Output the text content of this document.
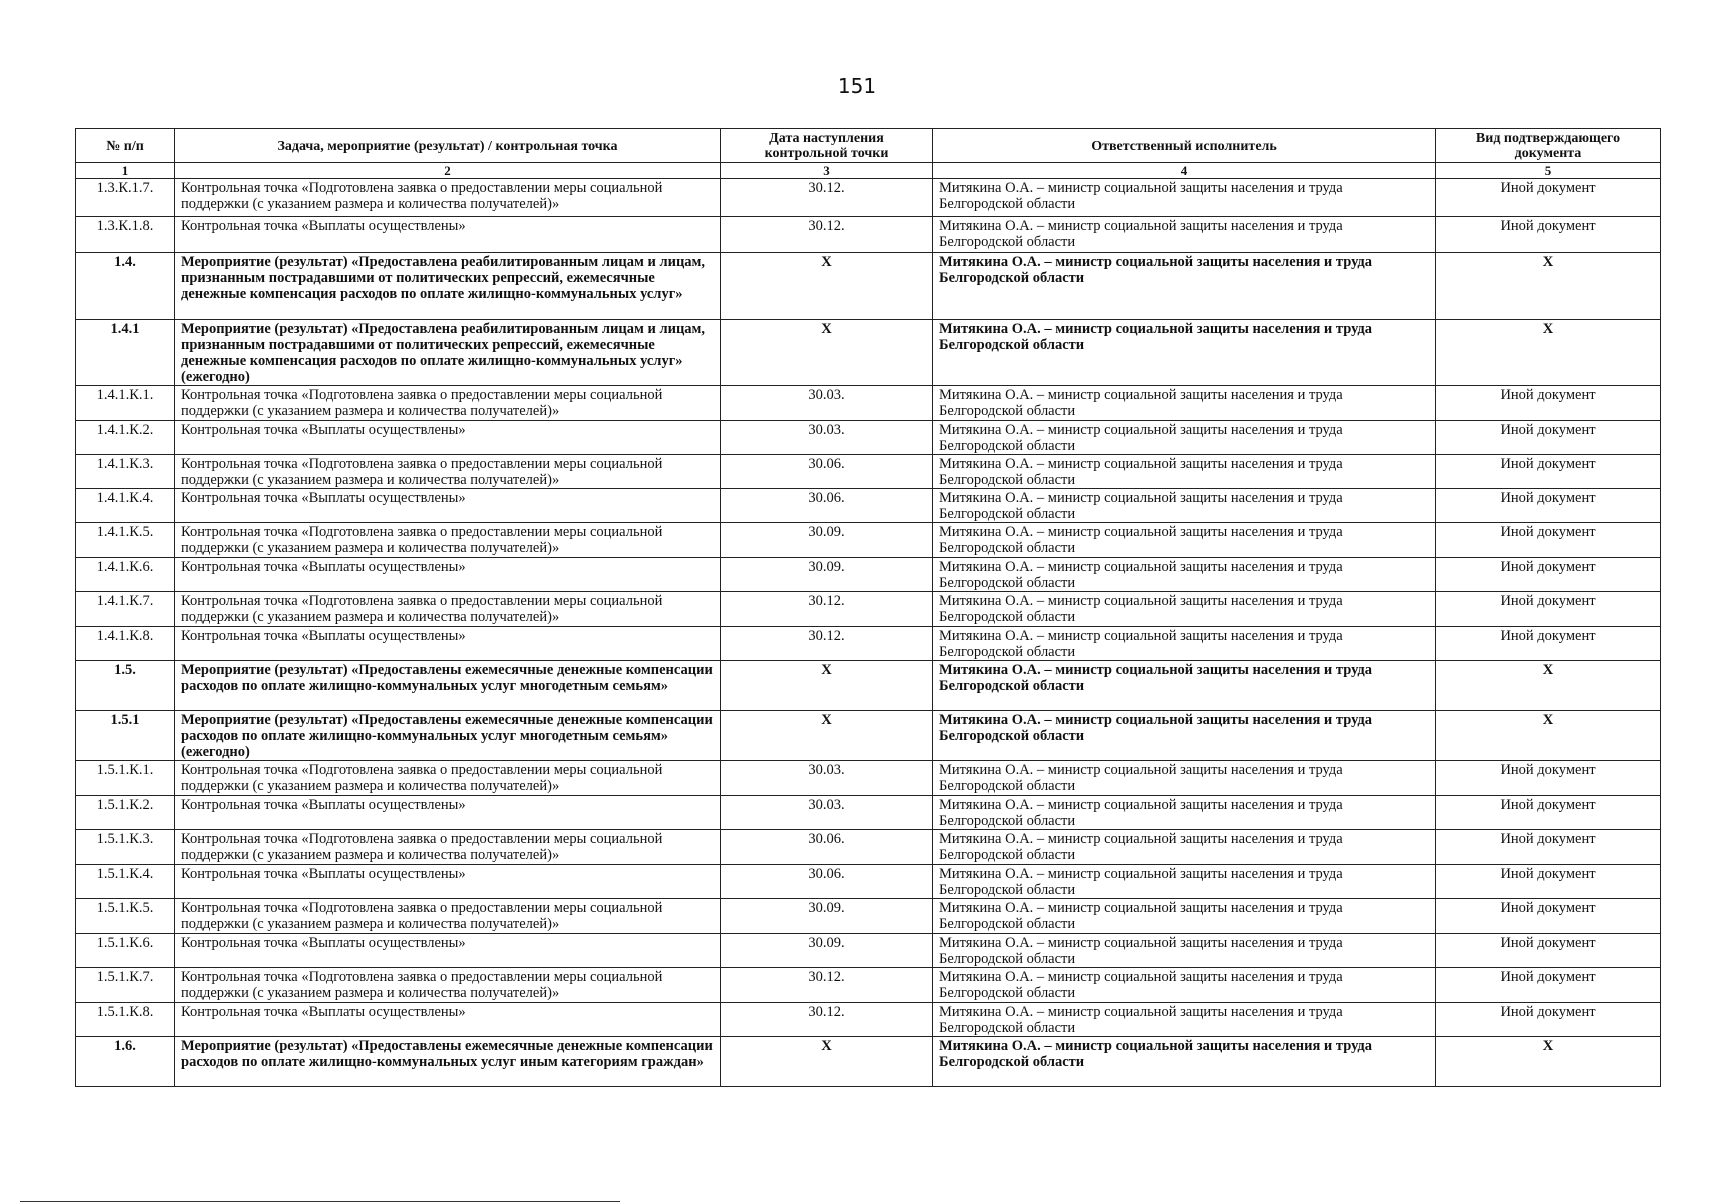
151
№ п/п	Задача, мероприятие (результат) / контрольная точка	Дата наступления контрольной точки	Ответственный исполнитель	Вид подтверждающего документа
1	2	3	4	5
1.3.К.1.7.	Контрольная точка «Подготовлена заявка о предоставлении меры социальной поддержки (с указанием размера и количества получателей)»	30.12.	Митякина О.А. – министр социальной защиты населения и труда Белгородской области	Иной документ
1.3.К.1.8.	Контрольная точка «Выплаты осуществлены»	30.12.	Митякина О.А. – министр социальной защиты населения и труда Белгородской области	Иной документ
1.4.	Мероприятие (результат) «Предоставлена реабилитированным лицам и лицам, признанным пострадавшими от политических репрессий, ежемесячные денежные компенсация расходов по оплате жилищно-коммунальных услуг»	Х	Митякина О.А. – министр социальной защиты населения и труда Белгородской области	Х
1.4.1	Мероприятие (результат) «Предоставлена реабилитированным лицам и лицам, признанным пострадавшими от политических репрессий, ежемесячные денежные компенсация расходов по оплате жилищно-коммунальных услуг» (ежегодно)	Х	Митякина О.А. – министр социальной защиты населения и труда Белгородской области	Х
1.4.1.К.1.	Контрольная точка «Подготовлена заявка о предоставлении меры социальной поддержки (с указанием размера и количества получателей)»	30.03.	Митякина О.А. – министр социальной защиты населения и труда Белгородской области	Иной документ
1.4.1.К.2.	Контрольная точка «Выплаты осуществлены»	30.03.	Митякина О.А. – министр социальной защиты населения и труда Белгородской области	Иной документ
1.4.1.К.3.	Контрольная точка «Подготовлена заявка о предоставлении меры социальной поддержки (с указанием размера и количества получателей)»	30.06.	Митякина О.А. – министр социальной защиты населения и труда Белгородской области	Иной документ
1.4.1.К.4.	Контрольная точка «Выплаты осуществлены»	30.06.	Митякина О.А. – министр социальной защиты населения и труда Белгородской области	Иной документ
1.4.1.К.5.	Контрольная точка «Подготовлена заявка о предоставлении меры социальной поддержки (с указанием размера и количества получателей)»	30.09.	Митякина О.А. – министр социальной защиты населения и труда Белгородской области	Иной документ
1.4.1.К.6.	Контрольная точка «Выплаты осуществлены»	30.09.	Митякина О.А. – министр социальной защиты населения и труда Белгородской области	Иной документ
1.4.1.К.7.	Контрольная точка «Подготовлена заявка о предоставлении меры социальной поддержки (с указанием размера и количества получателей)»	30.12.	Митякина О.А. – министр социальной защиты населения и труда Белгородской области	Иной документ
1.4.1.К.8.	Контрольная точка «Выплаты осуществлены»	30.12.	Митякина О.А. – министр социальной защиты населения и труда Белгородской области	Иной документ
1.5.	Мероприятие (результат) «Предоставлены ежемесячные денежные компенсации расходов по оплате жилищно-коммунальных услуг многодетным семьям»	Х	Митякина О.А. – министр социальной защиты населения и труда Белгородской области	Х
1.5.1	Мероприятие (результат) «Предоставлены ежемесячные денежные компенсации расходов по оплате жилищно-коммунальных услуг многодетным семьям» (ежегодно)	Х	Митякина О.А. – министр социальной защиты населения и труда Белгородской области	Х
1.5.1.К.1.	Контрольная точка «Подготовлена заявка о предоставлении меры социальной поддержки (с указанием размера и количества получателей)»	30.03.	Митякина О.А. – министр социальной защиты населения и труда Белгородской области	Иной документ
1.5.1.К.2.	Контрольная точка «Выплаты осуществлены»	30.03.	Митякина О.А. – министр социальной защиты населения и труда Белгородской области	Иной документ
1.5.1.К.3.	Контрольная точка «Подготовлена заявка о предоставлении меры социальной поддержки (с указанием размера и количества получателей)»	30.06.	Митякина О.А. – министр социальной защиты населения и труда Белгородской области	Иной документ
1.5.1.К.4.	Контрольная точка «Выплаты осуществлены»	30.06.	Митякина О.А. – министр социальной защиты населения и труда Белгородской области	Иной документ
1.5.1.К.5.	Контрольная точка «Подготовлена заявка о предоставлении меры социальной поддержки (с указанием размера и количества получателей)»	30.09.	Митякина О.А. – министр социальной защиты населения и труда Белгородской области	Иной документ
1.5.1.К.6.	Контрольная точка «Выплаты осуществлены»	30.09.	Митякина О.А. – министр социальной защиты населения и труда Белгородской области	Иной документ
1.5.1.К.7.	Контрольная точка «Подготовлена заявка о предоставлении меры социальной поддержки (с указанием размера и количества получателей)»	30.12.	Митякина О.А. – министр социальной защиты населения и труда Белгородской области	Иной документ
1.5.1.К.8.	Контрольная точка «Выплаты осуществлены»	30.12.	Митякина О.А. – министр социальной защиты населения и труда Белгородской области	Иной документ
1.6.	Мероприятие (результат) «Предоставлены ежемесячные денежные компенсации расходов по оплате жилищно-коммунальных услуг иным категориям граждан»	Х	Митякина О.А. – министр социальной защиты населения и труда Белгородской области	Х
